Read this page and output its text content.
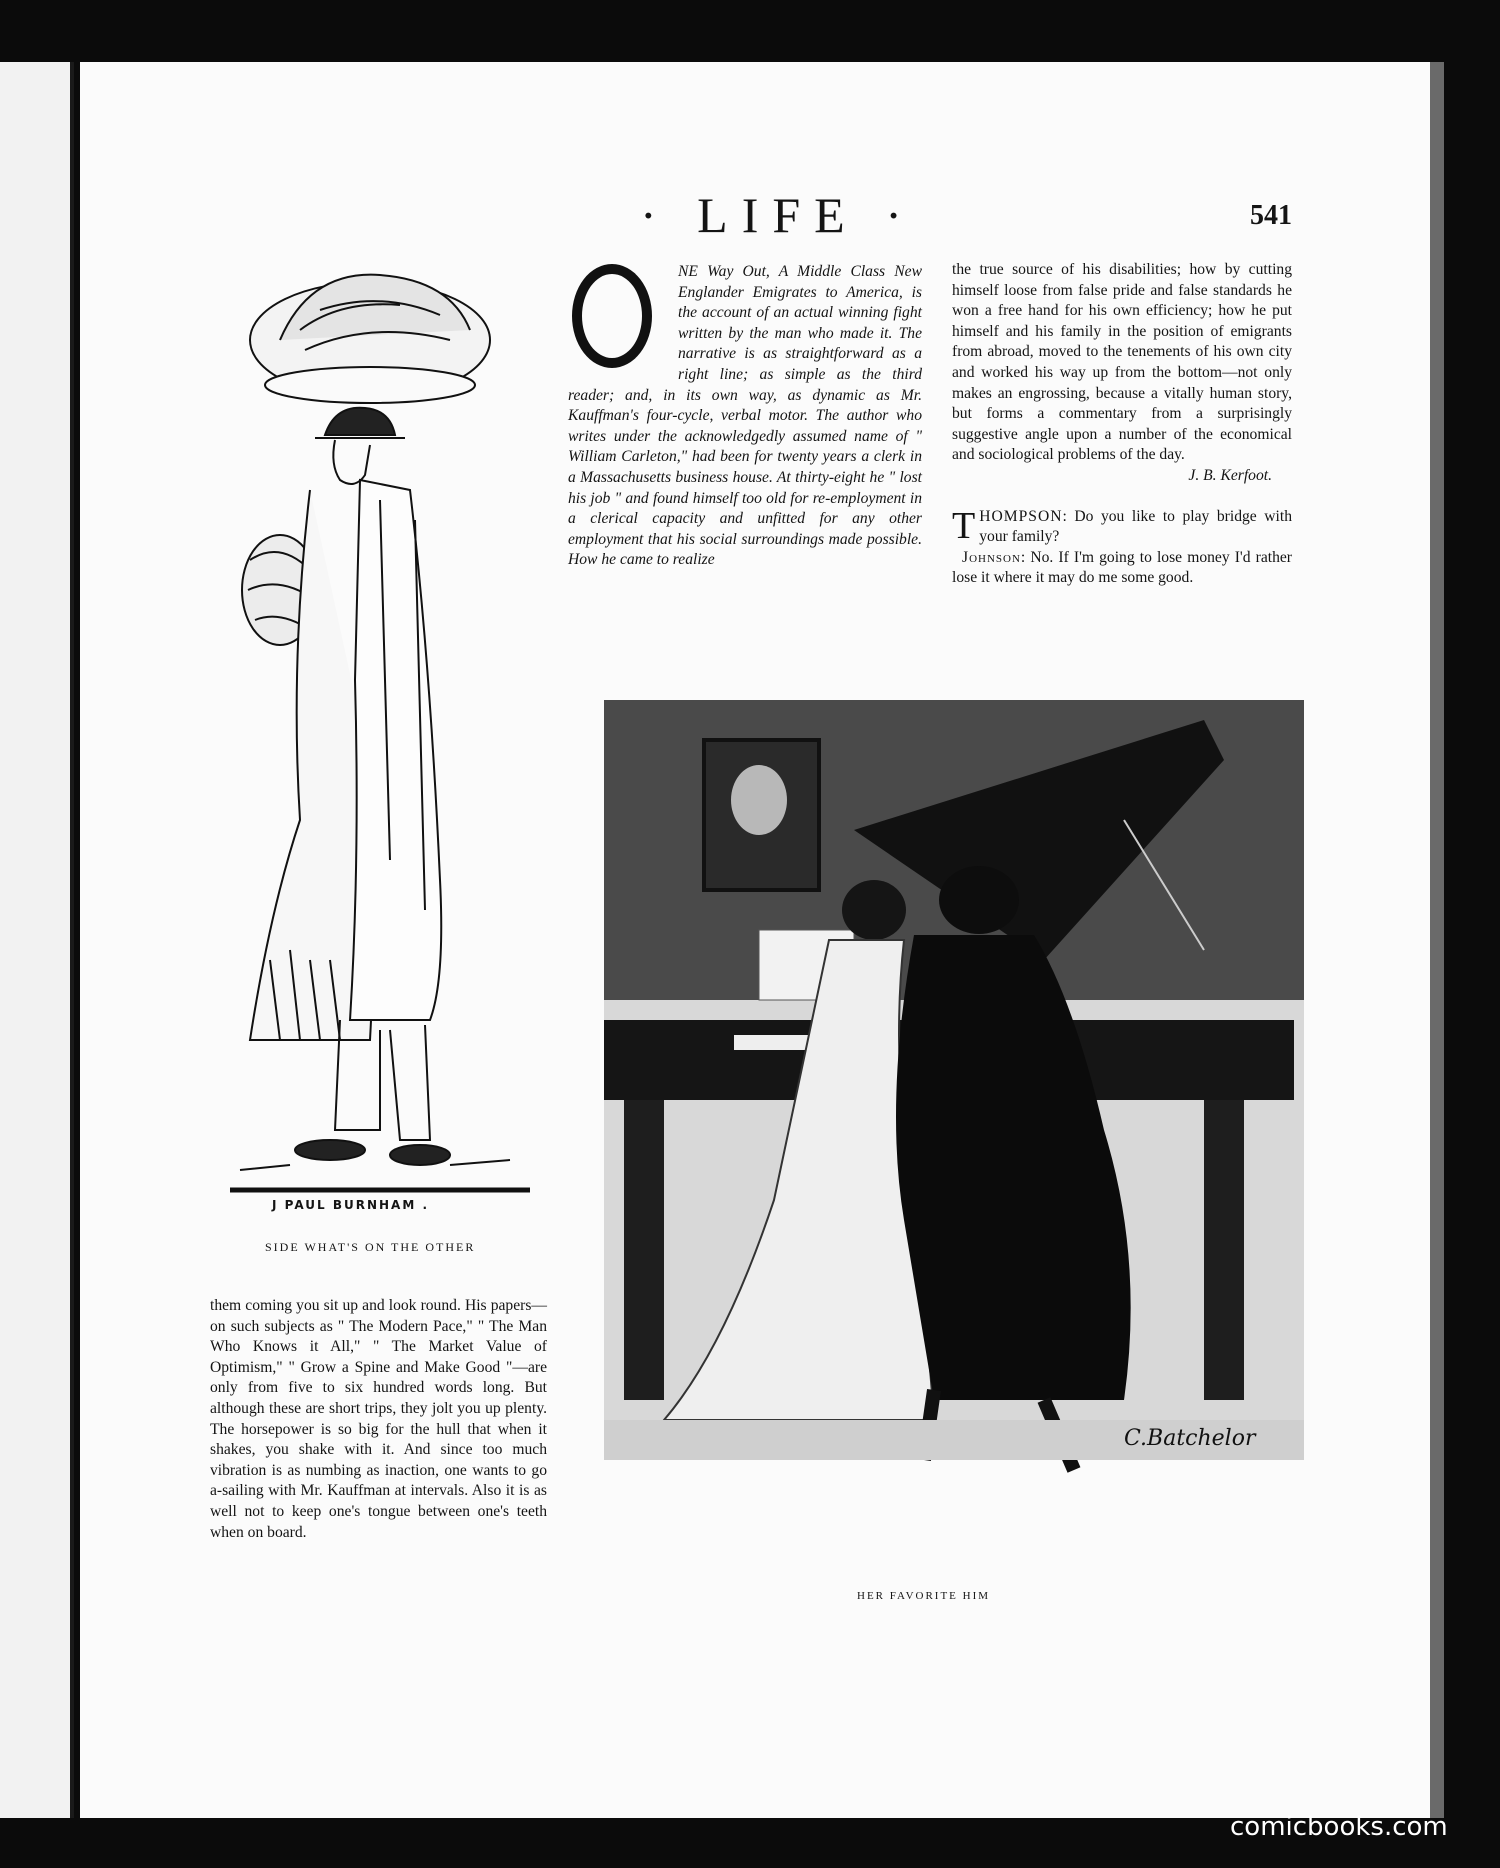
· LIFE ·	541

NE Way Out, A Middle Class New Englander Emigrates to America, is the account of an actual winning fight written by the man who made it. The narrative is as straightforward as a right line; as simple as the third reader; and, in its own way, as dynamic as Mr. Kauffman's four-cycle, verbal motor. The author who writes under the acknowledgedly assumed name of " William Carleton," had been for twenty years a clerk in a Massachusetts business house. At thirty-eight he " lost his job " and found himself too old for re-employment in a clerical capacity and unfitted for any other employment that his social surroundings made possible. How he came to realize

the true source of his disabilities; how by cutting himself loose from false pride and false standards he won a free hand for his own efficiency; how he put himself and his family in the position of emigrants from abroad, moved to the tenements of his own city and worked his way up from the bottom—not only makes an engrossing, because a vitally human story, but forms a commentary from a surprisingly suggestive angle upon a number of the economical and sociological problems of the day.

J. B. Kerfoot.

THOMPSON: Do you like to play bridge with your family?

Johnson: No. If I'm going to lose money I'd rather lose it where it may do me some good.

J PAUL BURNHAM .
SIDE WHAT'S ON THE OTHER
C.Batchelor
HER FAVORITE HIM

them coming you sit up and look round. His papers—on such subjects as " The Modern Pace," " The Man Who Knows it All," " The Market Value of Optimism," " Grow a Spine and Make Good "—are only from five to six hundred words long. But although these are short trips, they jolt you up plenty. The horsepower is so big for the hull that when it shakes, you shake with it. And since too much vibration is as numbing as inaction, one wants to go a-sailing with Mr. Kauffman at intervals. Also it is as well not to keep one's tongue between one's teeth when on board.

comicbooks.com
